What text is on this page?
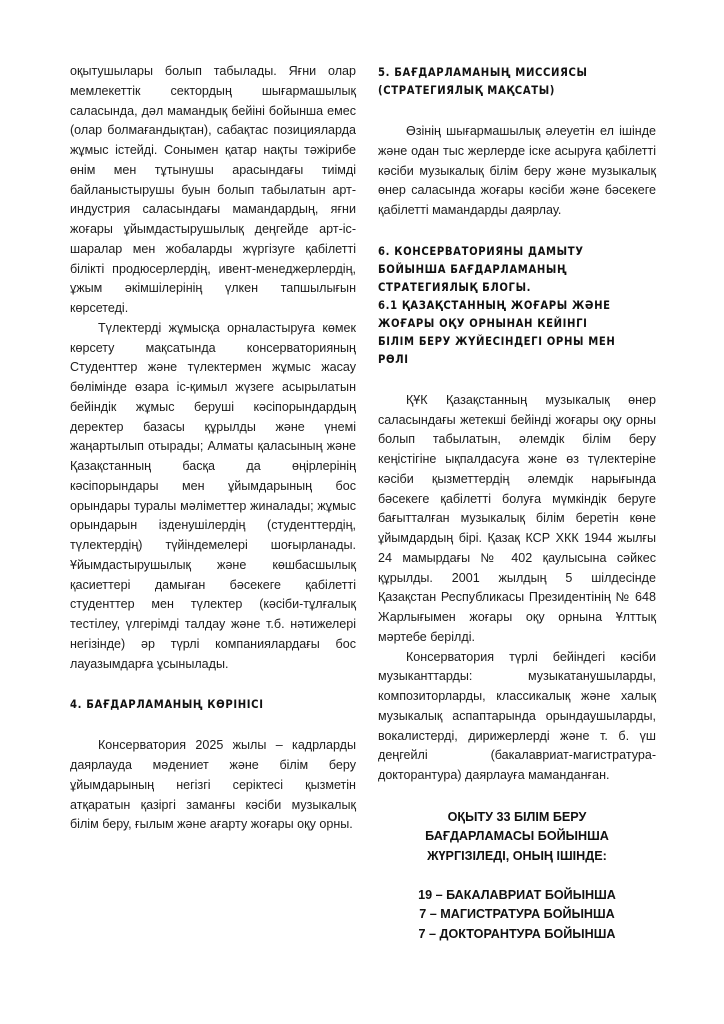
оқытушылары болып табылады. Яғни олар мемлекеттік сектордың шығармашылық саласында, дәл мамандық бейіні бойынша емес (олар болмағандықтан), сабақтас позицияларда жұмыс істейді. Сонымен қатар нақты тәжірибе өнім мен тұтынушы арасындағы тиімді байланыстырушы буын болып табылатын арт-индустрия саласындағы мамандардың, яғни жоғары ұйымдастырушылық деңгейде арт-іс-шаралар мен жобаларды жүргізуге қабілетті білікті продюсерлердің, ивент-менеджерлердің, ұжым әкімшілерінің үлкен тапшылығын көрсетеді.

Түлектерді жұмысқа орналастыруға көмек көрсету мақсатында консерваторияның Студенттер және түлектермен жұмыс жасау бөлімінде өзара іс-қимыл жүзеге асырылатын бейіндік жұмыс беруші кәсіпорындардың деректер базасы құрылды және үнемі жаңартылып отырады; Алматы қаласының және Қазақстанның басқа да өңірлерінің кәсіпорындары мен ұйымдарының бос орындары туралы мәліметтер жиналады; жұмыс орындарын ізденушілердің (студенттердің, түлектердің) түйіндемелері шоғырланады. Ұйымдастырушылық және көшбасшылық қасиеттері дамыған бәсекеге қабілетті студенттер мен түлектер (кәсіби-тұлғалық тестілеу, үлгерімді талдау және т.б. нәтижелері негізінде) әр түрлі компаниялардағы бос лауазымдарға ұсынылады.

4. БАҒДАРЛАМАНЫҢ КӨРІНІСІ

Консерватория 2025 жылы – кадрларды даярлауда мәдениет және білім беру ұйымдарының негізгі серіктесі қызметін атқаратын қазіргі заманғы кәсіби музыкалық білім беру, ғылым және ағарту жоғары оқу орны.

5. БАҒДАРЛАМАНЫҢ МИССИЯСЫ
(СТРАТЕГИЯЛЫҚ МАҚСАТЫ)

Өзінің шығармашылық әлеуетін ел ішінде және одан тыс жерлерде іске асыруға қабілетті кәсіби музыкалық білім беру және музыкалық өнер саласында жоғары кәсіби және бәсекеге қабілетті мамандарды даярлау.

6. КОНСЕРВАТОРИЯНЫ ДАМЫТУ БОЙЫНША БАҒДАРЛАМАНЫҢ СТРАТЕГИЯЛЫҚ БЛОГЫ.
6.1 ҚАЗАҚСТАННЫҢ ЖОҒАРЫ ЖӘНЕ ЖОҒАРЫ ОҚУ ОРНЫНАН КЕЙІНГІ БІЛІМ БЕРУ ЖҮЙЕСІНДЕГІ ОРНЫ МЕН РӨЛІ

ҚҰК Қазақстанның музыкалық өнер саласындағы жетекші бейінді жоғары оқу орны болып табылатын, әлемдік білім беру кеңістігіне ықпалдасуға және өз түлектеріне кәсіби қызметтердің әлемдік нарығында бәсекеге қабілетті болуға мүмкіндік беруге бағытталған музыкалық білім беретін көне ұйымдардың бірі. Қазақ КСР ХКК 1944 жылғы 24 мамырдағы № 402 қаулысына сәйкес құрылды. 2001 жылдың 5 шілдесінде Қазақстан Республикасы Президентінің № 648 Жарлығымен жоғары оқу орнына Ұлттық мәртебе берілді.

Консерватория түрлі бейіндегі кәсіби музыканттарды: музыкатанушыларды, композиторларды, классикалық және халық музыкалық аспаптарында орындаушыларды, вокалистерді, дирижерлерді және т. б. үш деңгейлі (бакалавриат-магистратура-докторантура) даярлауға маманданған.

ОҚЫТУ 33 БІЛІМ БЕРУ
БАҒДАРЛАМАСЫ БОЙЫНША
ЖҮРГІЗІЛЕДІ, ОНЫҢ ІШІНДЕ:
19 – БАКАЛАВРИАТ БОЙЫНША
7 – МАГИСТРАТУРА БОЙЫНША
7 – ДОКТОРАНТУРА БОЙЫНША
